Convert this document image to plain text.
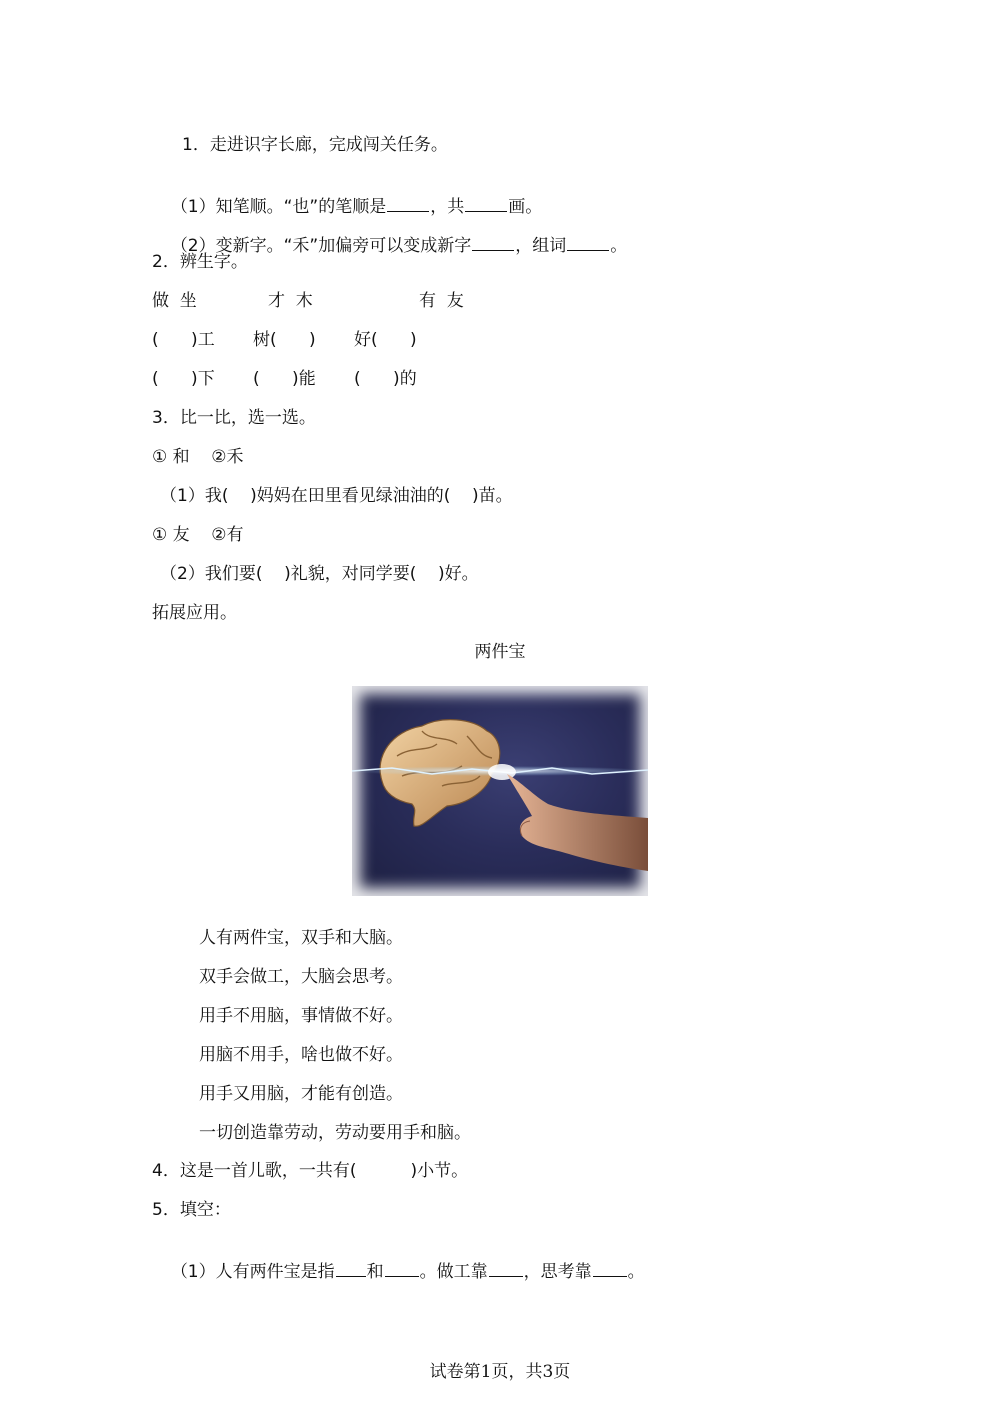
1．走进识字长廊，完成闯关任务。

（1）知笔顺。“也”的笔顺是	，共	画。

（2）变新字。“禾”加偏旁可以变成新字	，组词	。

2．辨生字。
做  坐	才  木	有  友
(      )工 树(      ) 好(      )
(      )下 (      )能 (      )的
3．比一比，选一选。
① 和    ②禾
（1）我(    )妈妈在田里看见绿油油的(    )苗。
① 友    ②有
（2）我们要(    )礼貌，对同学要(    )好。
拓展应用。
两件宝
人有两件宝，双手和大脑。
双手会做工，大脑会思考。
用手不用脑，事情做不好。
用脑不用手，啥也做不好。
用手又用脑，才能有创造。
一切创造靠劳动，劳动要用手和脑。
4．这是一首儿歌，一共有(          )小节。
5．填空：

（1）人有两件宝是指 和 。做工靠 ，思考靠 。

试卷第1页，共3页
